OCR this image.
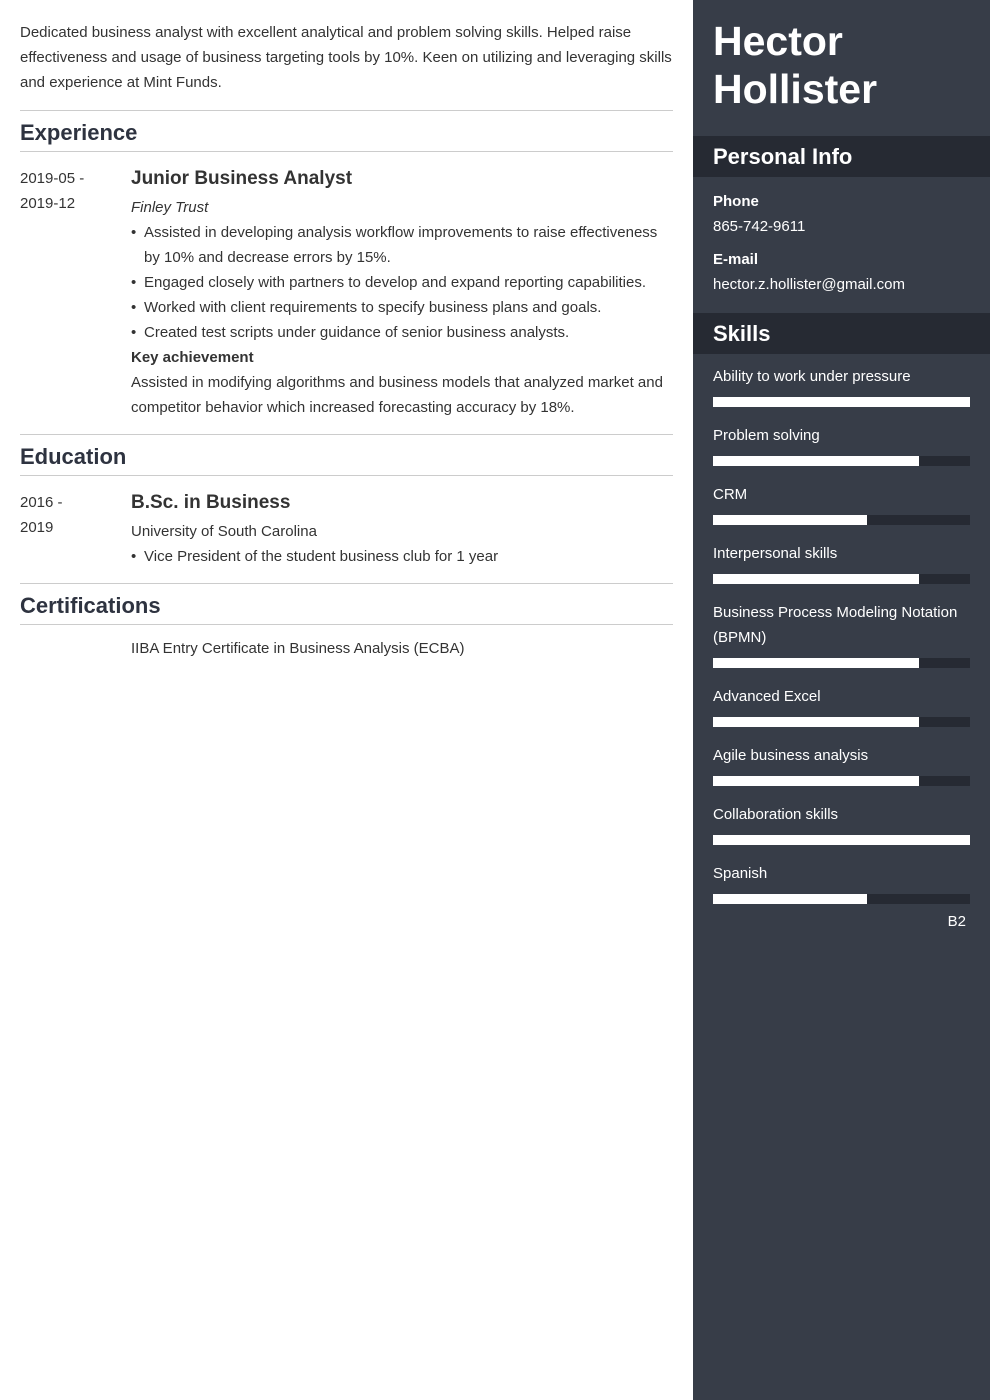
Dedicated business analyst with excellent analytical and problem solving skills. Helped raise effectiveness and usage of business targeting tools by 10%. Keen on utilizing and leveraging skills and experience at Mint Funds.

Experience
2019-05 -
2019-12
Junior Business Analyst
Finley Trust
• Assisted in developing analysis workflow improvements to raise effectiveness by 10% and decrease errors by 15%.
• Engaged closely with partners to develop and expand reporting capabilities.
• Worked with client requirements to specify business plans and goals.
• Created test scripts under guidance of senior business analysts.
Key achievement
Assisted in modifying algorithms and business models that analyzed market and competitor behavior which increased forecasting accuracy by 18%.
Education
2016 -
2019
B.Sc. in Business
University of South Carolina
• Vice President of the student business club for 1 year
Certifications
IIBA Entry Certificate in Business Analysis (ECBA)
Hector
Hollister
Personal Info
Phone
865-742-9611
E-mail
hector.z.hollister@gmail.com
Skills
Ability to work under pressure
Problem solving
CRM
Interpersonal skills
Business Process Modeling Notation (BPMN)
Advanced Excel
Agile business analysis
Collaboration skills
Spanish
B2
